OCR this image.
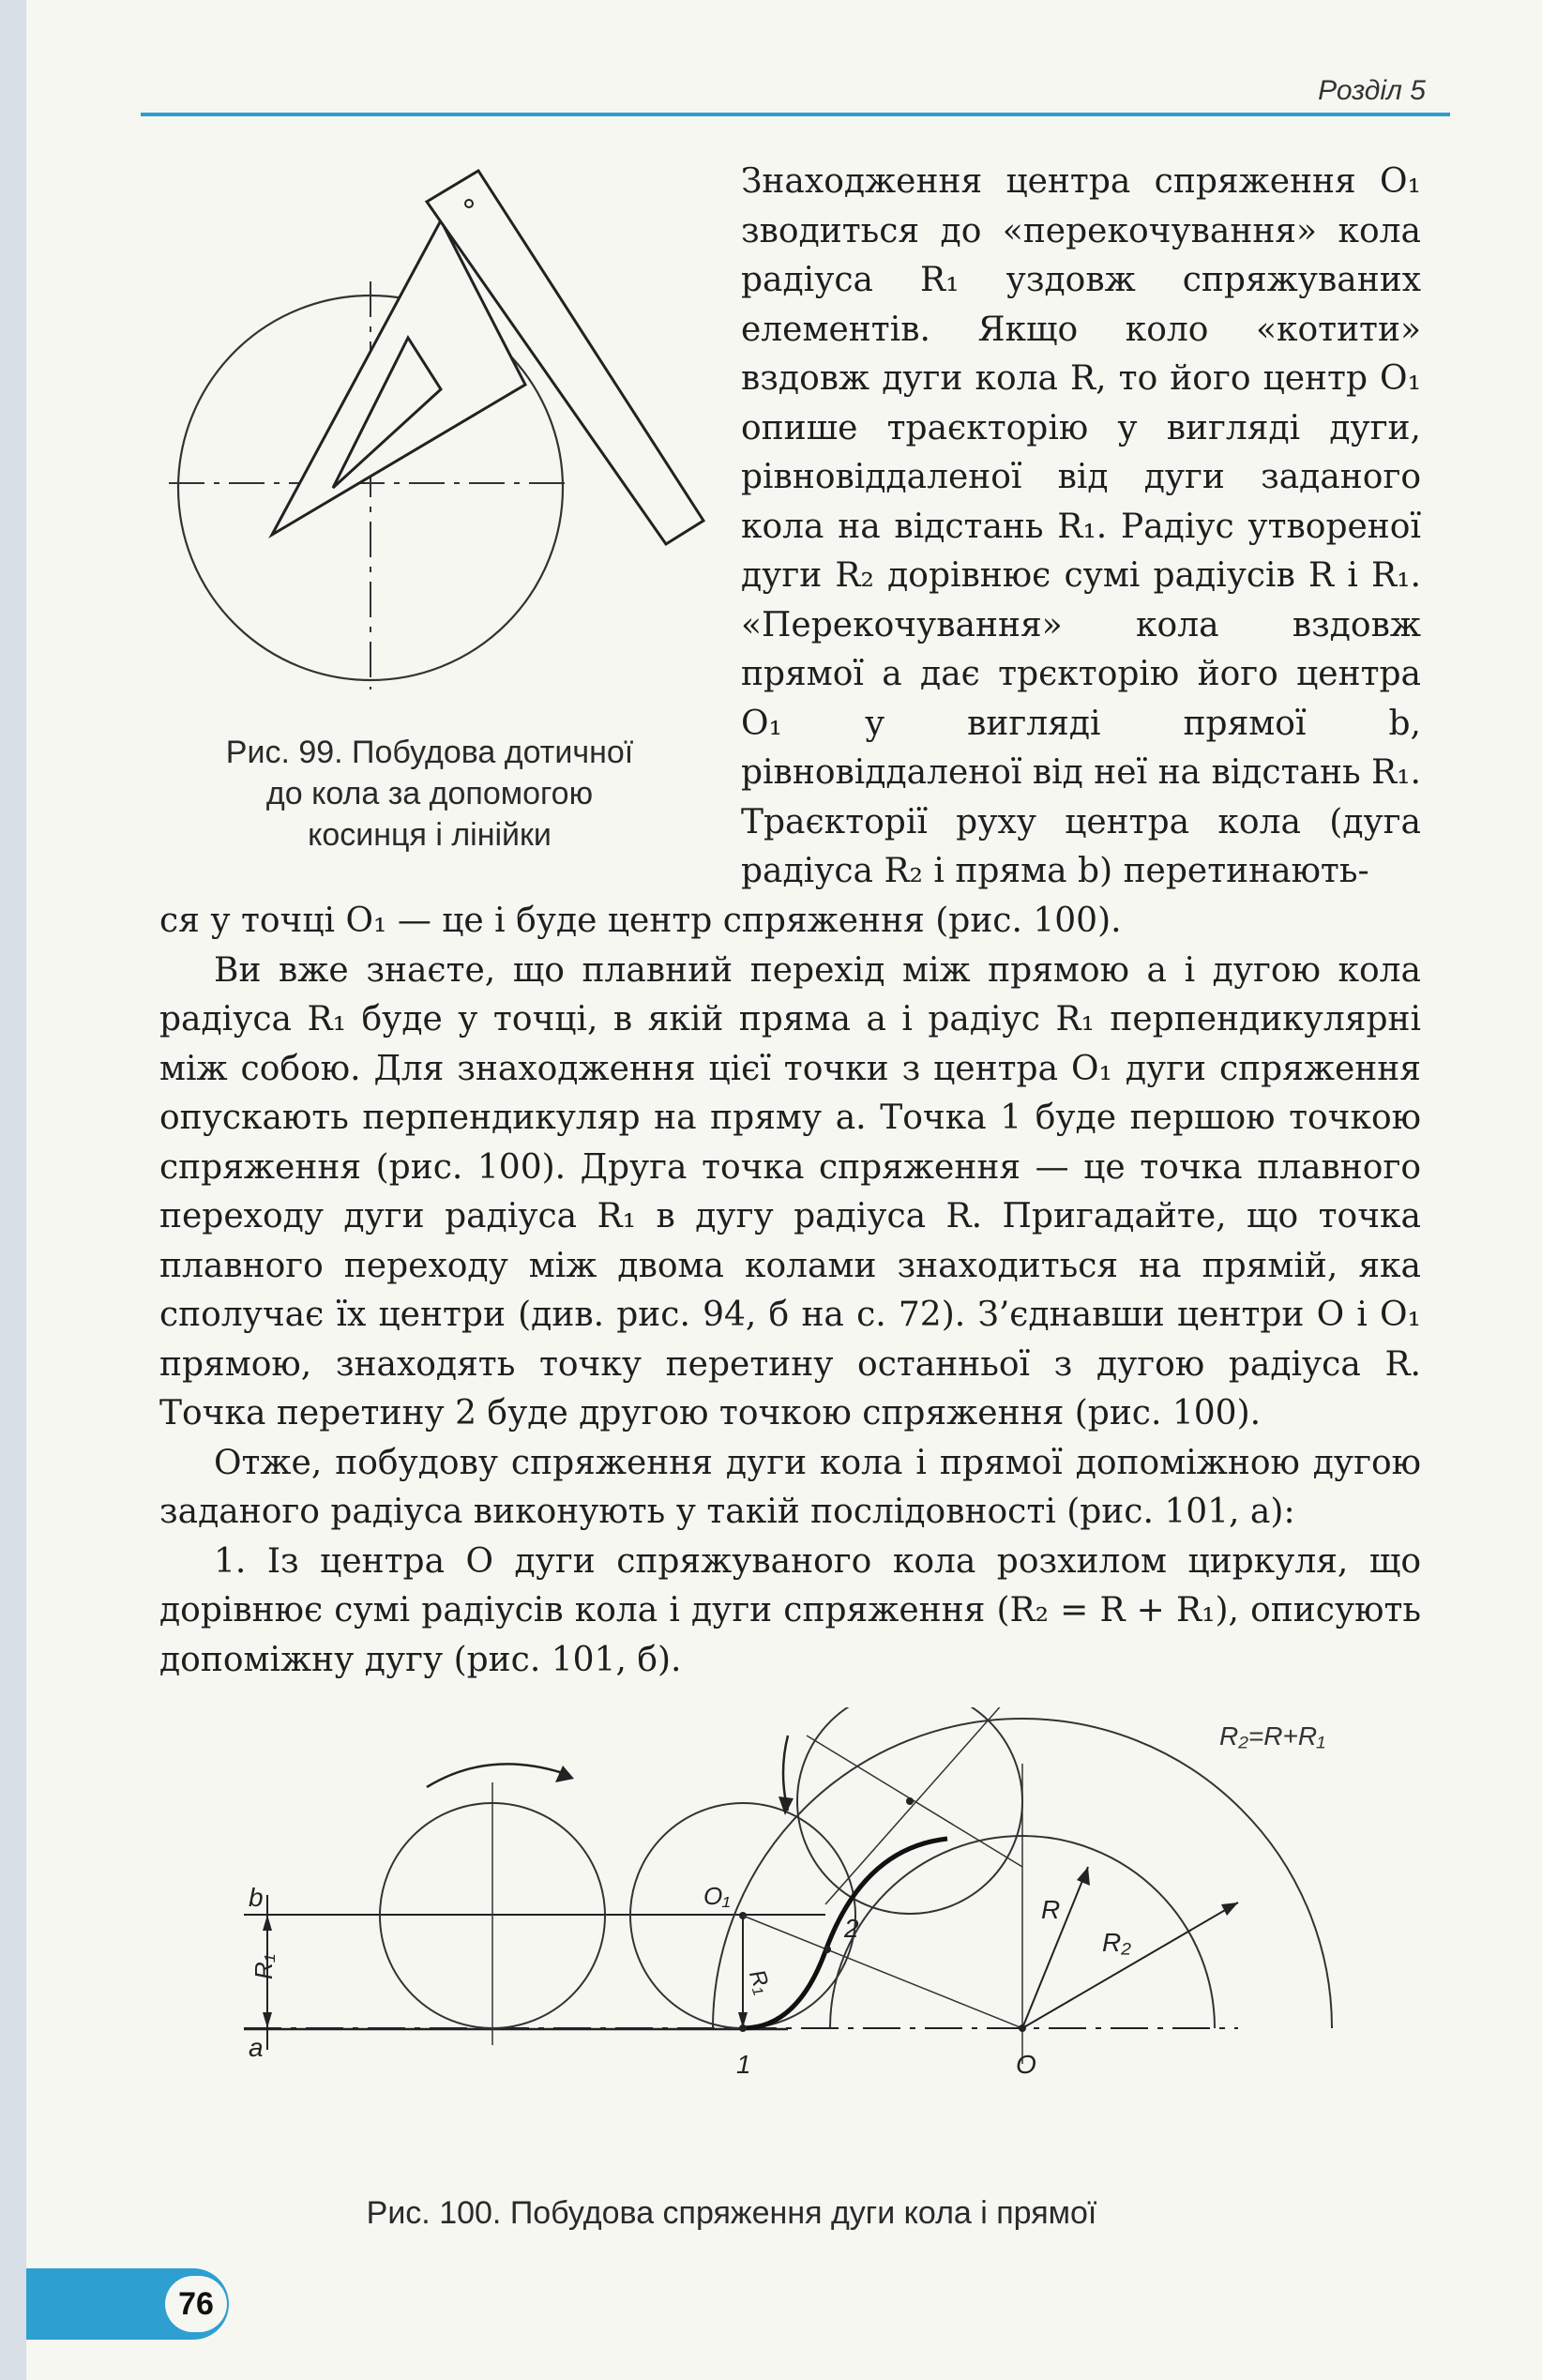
Розділ 5
Рис. 99. Побудова дотичної
до кола за допомогою
косинця і лінійки
Знаходження центра спряження O₁ зводиться до «перекочування» кола радіуса R₁ уздовж спряжуваних елементів. Якщо коло «котити» вздовж дуги кола R, то його центр O₁ опише траєкторію у вигляді дуги, рівновіддаленої від дуги заданого кола на відстань R₁. Радіус утвореної дуги R₂ дорівнює сумі радіусів R і R₁. «Перекочування» кола вздовж прямої a дає трєкторію його центра O₁ у вигляді прямої b, рівновіддаленої від неї на відстань R₁. Траєкторії руху центра кола (дуга радіуса R₂ і пряма b) перетинають-

ся у точці O₁ — це і буде центр спряження (рис. 100).

Ви вже знаєте, що плавний перехід між прямою a і дугою кола радіуса R₁ буде у точці, в якій пряма a і радіус R₁ перпендикулярні між собою. Для знаходження цієї точки з центра O₁ дуги спряження опускають перпендикуляр на пряму a. Точка 1 буде першою точкою спряження (рис. 100). Друга точка спряження — це точка плавного переходу дуги радіуса R₁ в дугу радіуса R. Пригадайте, що точка плавного переходу між двома колами знаходиться на прямій, яка сполучає їх центри (див. рис. 94, б на с. 72). З’єднавши центри O і O₁ прямою, знаходять точку перетину останньої з дугою радіуса R. Точка перетину 2 буде другою точкою спряження (рис. 100).

Отже, побудову спряження дуги кола і прямої допоміжною дугою заданого радіуса виконують у такій послідовності (рис. 101, а):

1. Із центра O дуги спряжуваного кола розхилом циркуля, що дорівнює сумі радіусів кола і дуги спряження (R₂ = R + R₁), описують допоміжну дугу (рис. 101, б).

R₂=R+R₁
b
a
R₁
O₁
R₁
2
R
R₂
1	O
Рис. 100. Побудова спряження дуги кола і прямої
76
